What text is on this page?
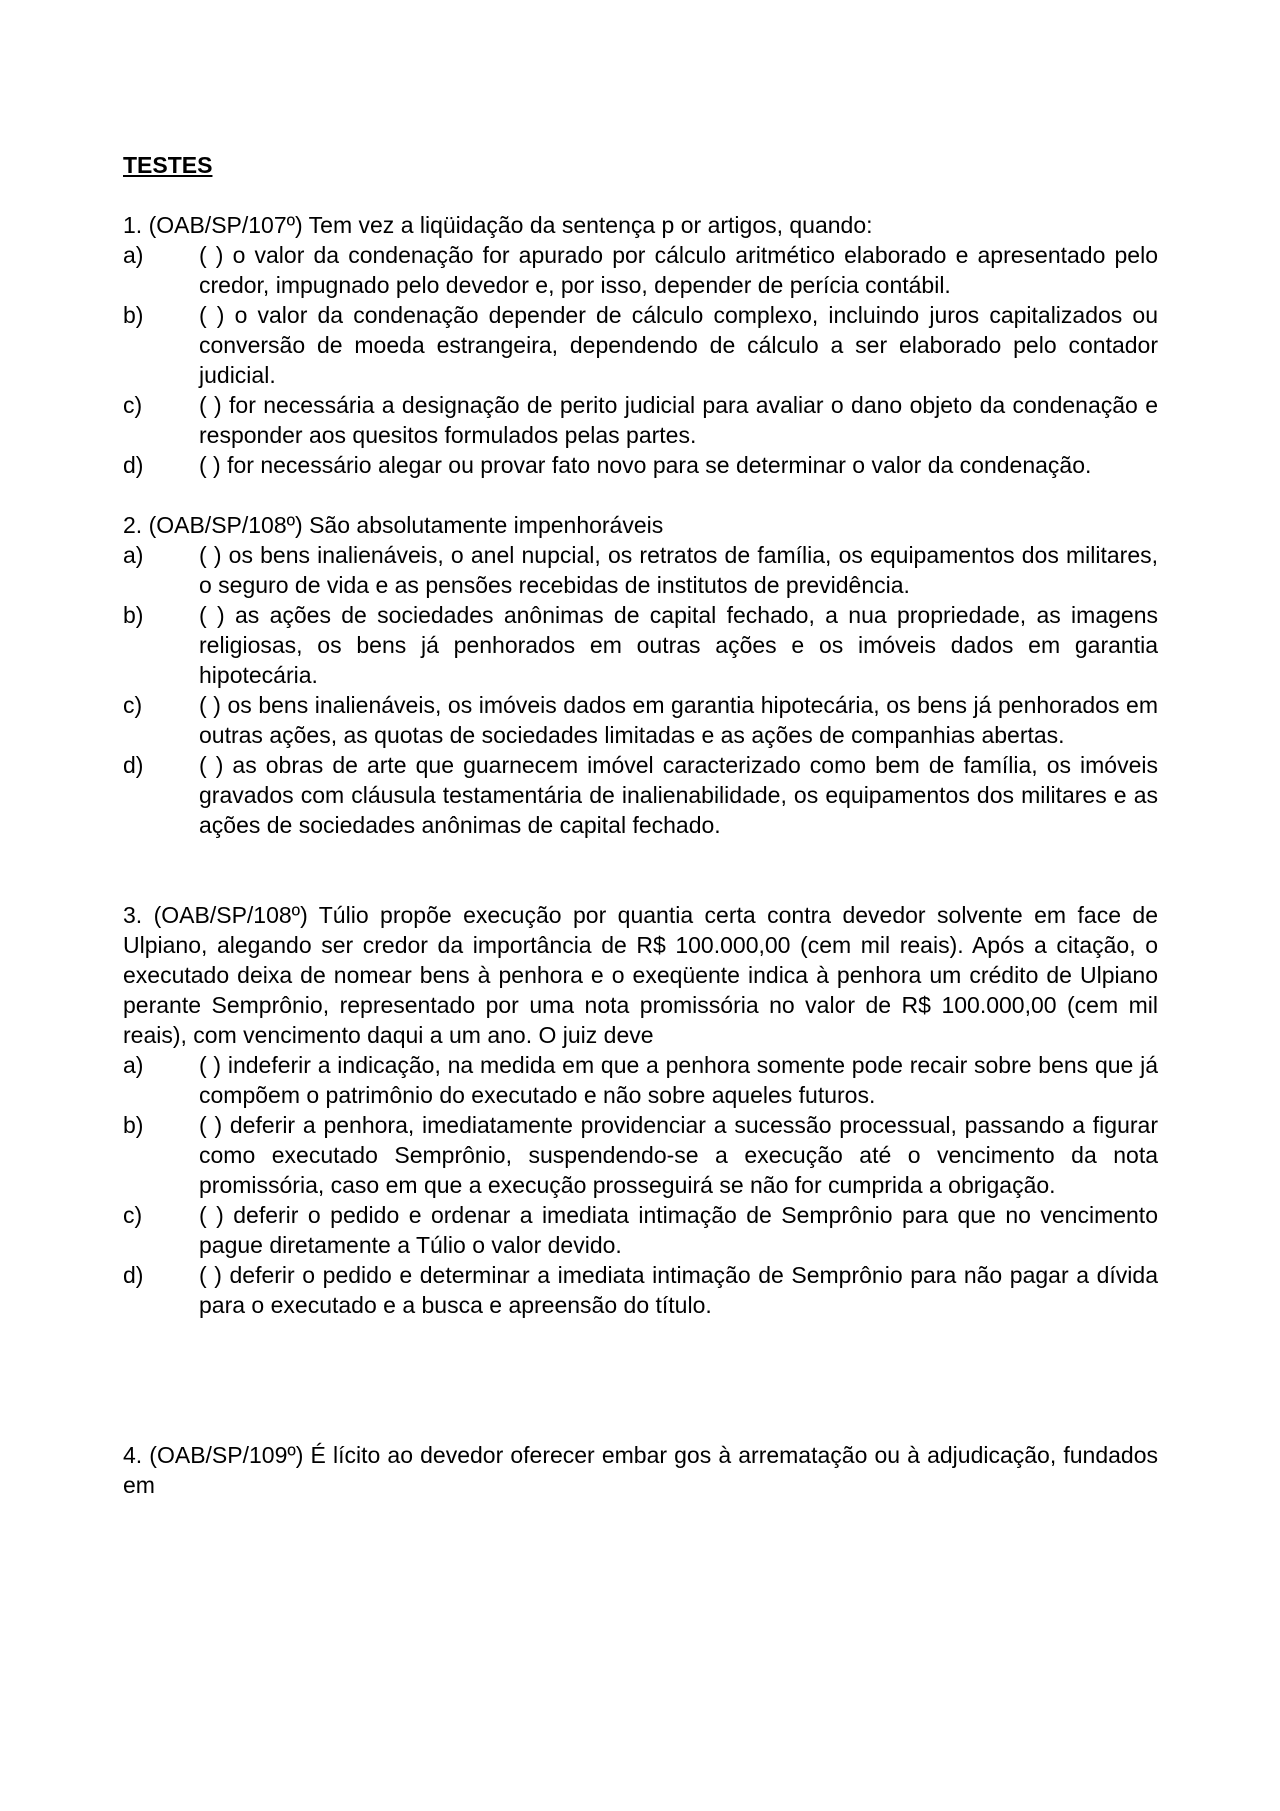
TESTES

1. (OAB/SP/107º) Tem vez a liqüidação da sentença p or artigos, quando:

a)	( ) o valor da condenação for apurado por cálculo aritmético elaborado e apresentado pelo credor, impugnado pelo devedor e, por isso, depender de perícia contábil.
b)	( ) o valor da condenação depender de cálculo complexo, incluindo juros capitalizados ou conversão de moeda estrangeira, dependendo de cálculo a ser elaborado pelo contador judicial.
c)	( ) for necessária a designação de perito judicial para avaliar o dano objeto da condenação e responder aos quesitos formulados pelas partes.
d)	( ) for necessário alegar ou provar fato novo para se determinar o valor da condenação.

2. (OAB/SP/108º) São absolutamente impenhoráveis

a)	( ) os bens inalienáveis, o anel nupcial, os retratos de família, os equipamentos dos militares, o seguro de vida e as pensões recebidas de institutos de previdência.
b)	( ) as ações de sociedades anônimas de capital fechado, a nua propriedade, as imagens religiosas, os bens já penhorados em outras ações e os imóveis dados em garantia hipotecária.
c)	( ) os bens inalienáveis, os imóveis dados em garantia hipotecária, os bens já penhorados em outras ações, as quotas de sociedades limitadas e as ações de companhias abertas.
d)	( ) as obras de arte que guarnecem imóvel caracterizado como bem de família, os imóveis gravados com cláusula testamentária de inalienabilidade, os equipamentos dos militares e as ações de sociedades anônimas de capital fechado.

3. (OAB/SP/108º) Túlio propõe execução por quantia certa contra devedor solvente em face de Ulpiano, alegando ser credor da importância de R$ 100.000,00 (cem mil reais). Após a citação, o executado deixa de nomear bens à penhora e o exeqüente indica à penhora um crédito de Ulpiano perante Semprônio, representado por uma nota promissória no valor de R$ 100.000,00 (cem mil reais), com vencimento daqui a um ano. O juiz deve

a)	( ) indeferir a indicação, na medida em que a penhora somente pode recair sobre bens que já compõem o patrimônio do executado e não sobre aqueles futuros.
b)	( ) deferir a penhora, imediatamente providenciar a sucessão processual, passando a figurar como executado Semprônio, suspendendo-se a execução até o vencimento da nota promissória, caso em que a execução prosseguirá se não for cumprida a obrigação.
c)	( ) deferir o pedido e ordenar a imediata intimação de Semprônio para que no vencimento pague diretamente a Túlio o valor devido.
d)	( ) deferir o pedido e determinar a imediata intimação de Semprônio para não pagar a dívida para o executado e a busca e apreensão do título.

4. (OAB/SP/109º) É lícito ao devedor oferecer embar gos à arrematação ou à adjudicação, fundados em
